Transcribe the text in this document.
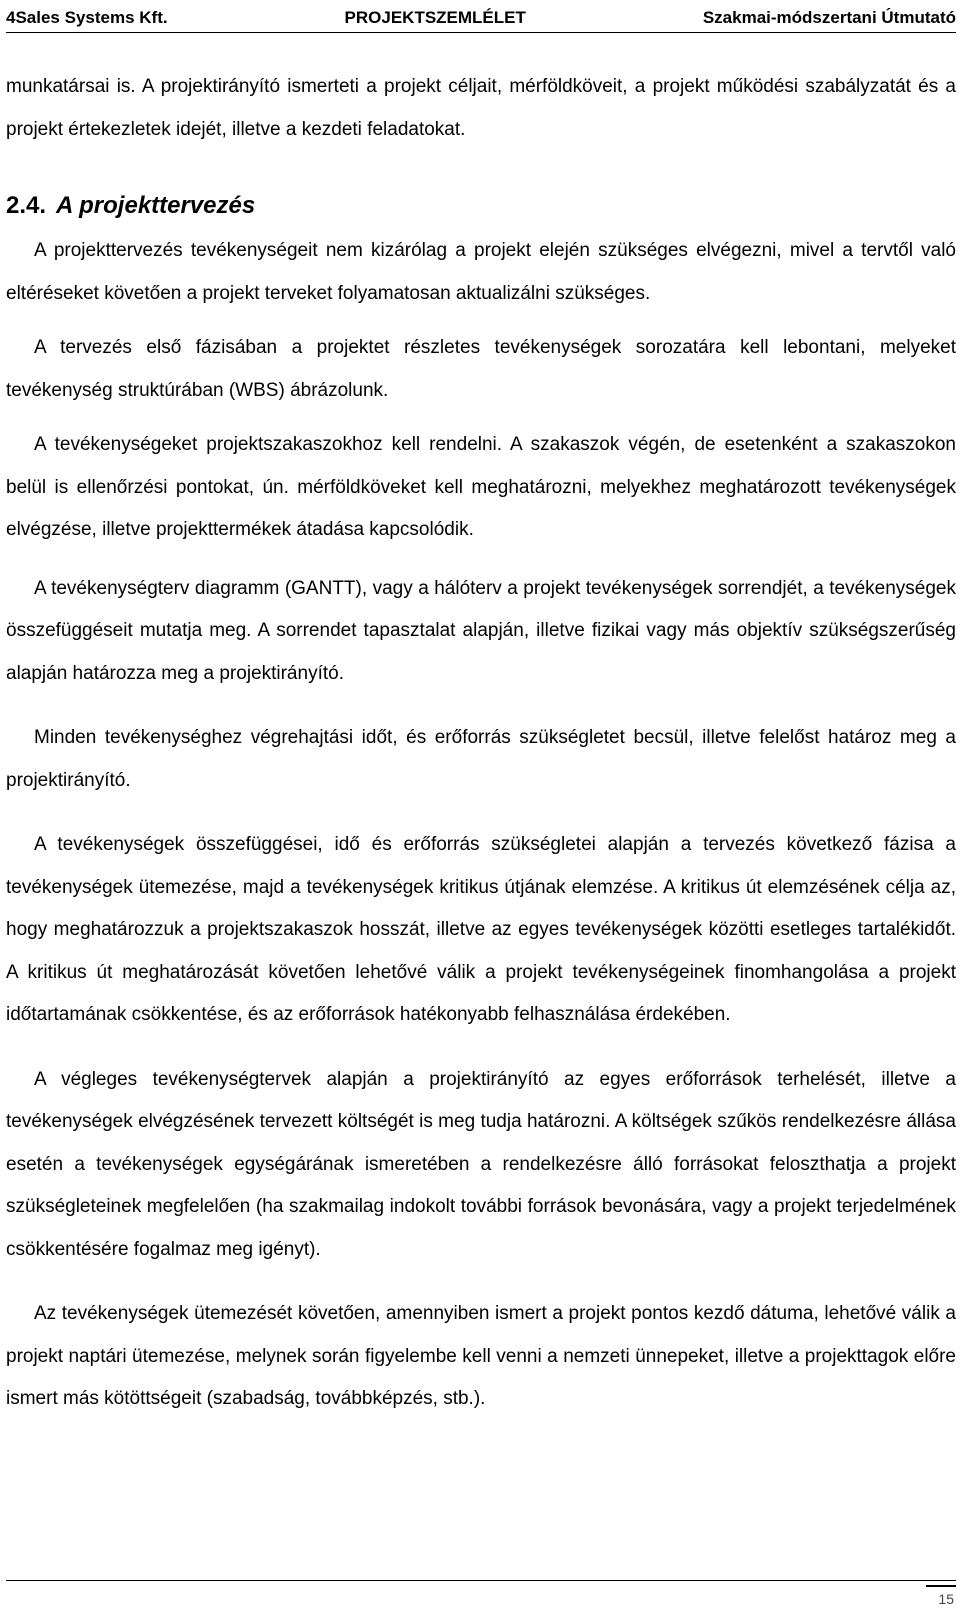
4Sales Systems Kft.	PROJEKTSZEMLÉLET	Szakmai-módszertani Útmutató

munkatársai is. A projektirányító ismerteti a projekt céljait, mérföldköveit, a projekt működési szabályzatát és a projekt értekezletek idejét, illetve a kezdeti feladatokat.

2.4. A projekttervezés

A projekttervezés tevékenységeit nem kizárólag a projekt elején szükséges elvégezni, mivel a tervtől való eltéréseket követően a projekt terveket folyamatosan aktualizálni szükséges.

A tervezés első fázisában a projektet részletes tevékenységek sorozatára kell lebontani, melyeket tevékenység struktúrában (WBS) ábrázolunk.

A tevékenységeket projektszakaszokhoz kell rendelni. A szakaszok végén, de esetenként a szakaszokon belül is ellenőrzési pontokat, ún. mérföldköveket kell meghatározni, melyekhez meghatározott tevékenységek elvégzése, illetve projekttermékek átadása kapcsolódik.

A tevékenységterv diagramm (GANTT), vagy a hálóterv a projekt tevékenységek sorrendjét, a tevékenységek összefüggéseit mutatja meg. A sorrendet tapasztalat alapján, illetve fizikai vagy más objektív szükségszerűség alapján határozza meg a projektirányító.

Minden tevékenységhez végrehajtási időt, és erőforrás szükségletet becsül, illetve felelőst határoz meg a projektirányító.

A tevékenységek összefüggései, idő és erőforrás szükségletei alapján a tervezés következő fázisa a tevékenységek ütemezése, majd a tevékenységek kritikus útjának elemzése. A kritikus út elemzésének célja az, hogy meghatározzuk a projektszakaszok hosszát, illetve az egyes tevékenységek közötti esetleges tartalékidőt. A kritikus út meghatározását követően lehetővé válik a projekt tevékenységeinek finomhangolása a projekt időtartamának csökkentése, és az erőforrások hatékonyabb felhasználása érdekében.

A végleges tevékenységtervek alapján a projektirányító az egyes erőforrások terhelését, illetve a tevékenységek elvégzésének tervezett költségét is meg tudja határozni. A költségek szűkös rendelkezésre állása esetén a tevékenységek egységárának ismeretében a rendelkezésre álló forrásokat feloszthatja a projekt szükségleteinek megfelelően (ha szakmailag indokolt további források bevonására, vagy a projekt terjedelmének csökkentésére fogalmaz meg igényt).

Az tevékenységek ütemezését követően, amennyiben ismert a projekt pontos kezdő dátuma, lehetővé válik a projekt naptári ütemezése, melynek során figyelembe kell venni a nemzeti ünnepeket, illetve a projekttagok előre ismert más kötöttségeit (szabadság, továbbképzés, stb.).

15
